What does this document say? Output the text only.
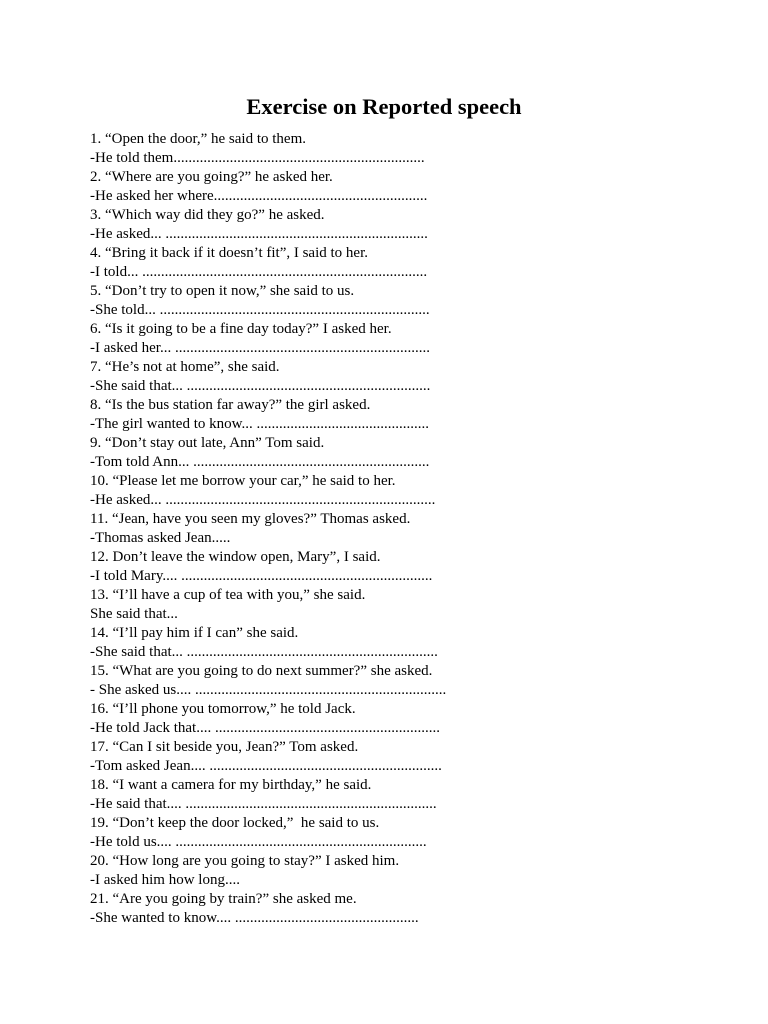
Exercise on Reported speech
1. “Open the door,” he said to them.
-He told them...................................................................
2. “Where are you going?” he asked her.
-He asked her where.........................................................
3. “Which way did they go?” he asked.
-He asked... ......................................................................
4. “Bring it back if it doesn’t fit”, I said to her.
-I told... ............................................................................
5. “Don’t try to open it now,” she said to us.
-She told... ........................................................................
6. “Is it going to be a fine day today?” I asked her.
-I asked her... ....................................................................
7. “He’s not at home”, she said.
-She said that... .................................................................
8. “Is the bus station far away?” the girl asked.
-The girl wanted to know... ..............................................
9. “Don’t stay out late, Ann” Tom said.
-Tom told Ann... ...............................................................
10. “Please let me borrow your car,” he said to her.
-He asked... ........................................................................
11. “Jean, have you seen my gloves?” Thomas asked.
-Thomas asked Jean.....
12. Don’t leave the window open, Mary”, I said.
-I told Mary.... ...................................................................
13. “I’ll have a cup of tea with you,” she said.
She said that...
14. “I’ll pay him if I can” she said.
-She said that... ...................................................................
15. “What are you going to do next summer?” she asked.
- She asked us.... ...................................................................
16. “I’ll phone you tomorrow,” he told Jack.
-He told Jack that.... ............................................................
17. “Can I sit beside you, Jean?” Tom asked.
-Tom asked Jean.... ..............................................................
18. “I want a camera for my birthday,” he said.
-He said that.... ...................................................................
19. “Don’t keep the door locked,”  he said to us.
-He told us.... ...................................................................
20. “How long are you going to stay?” I asked him.
-I asked him how long....
21. “Are you going by train?” she asked me.
-She wanted to know.... .................................................
